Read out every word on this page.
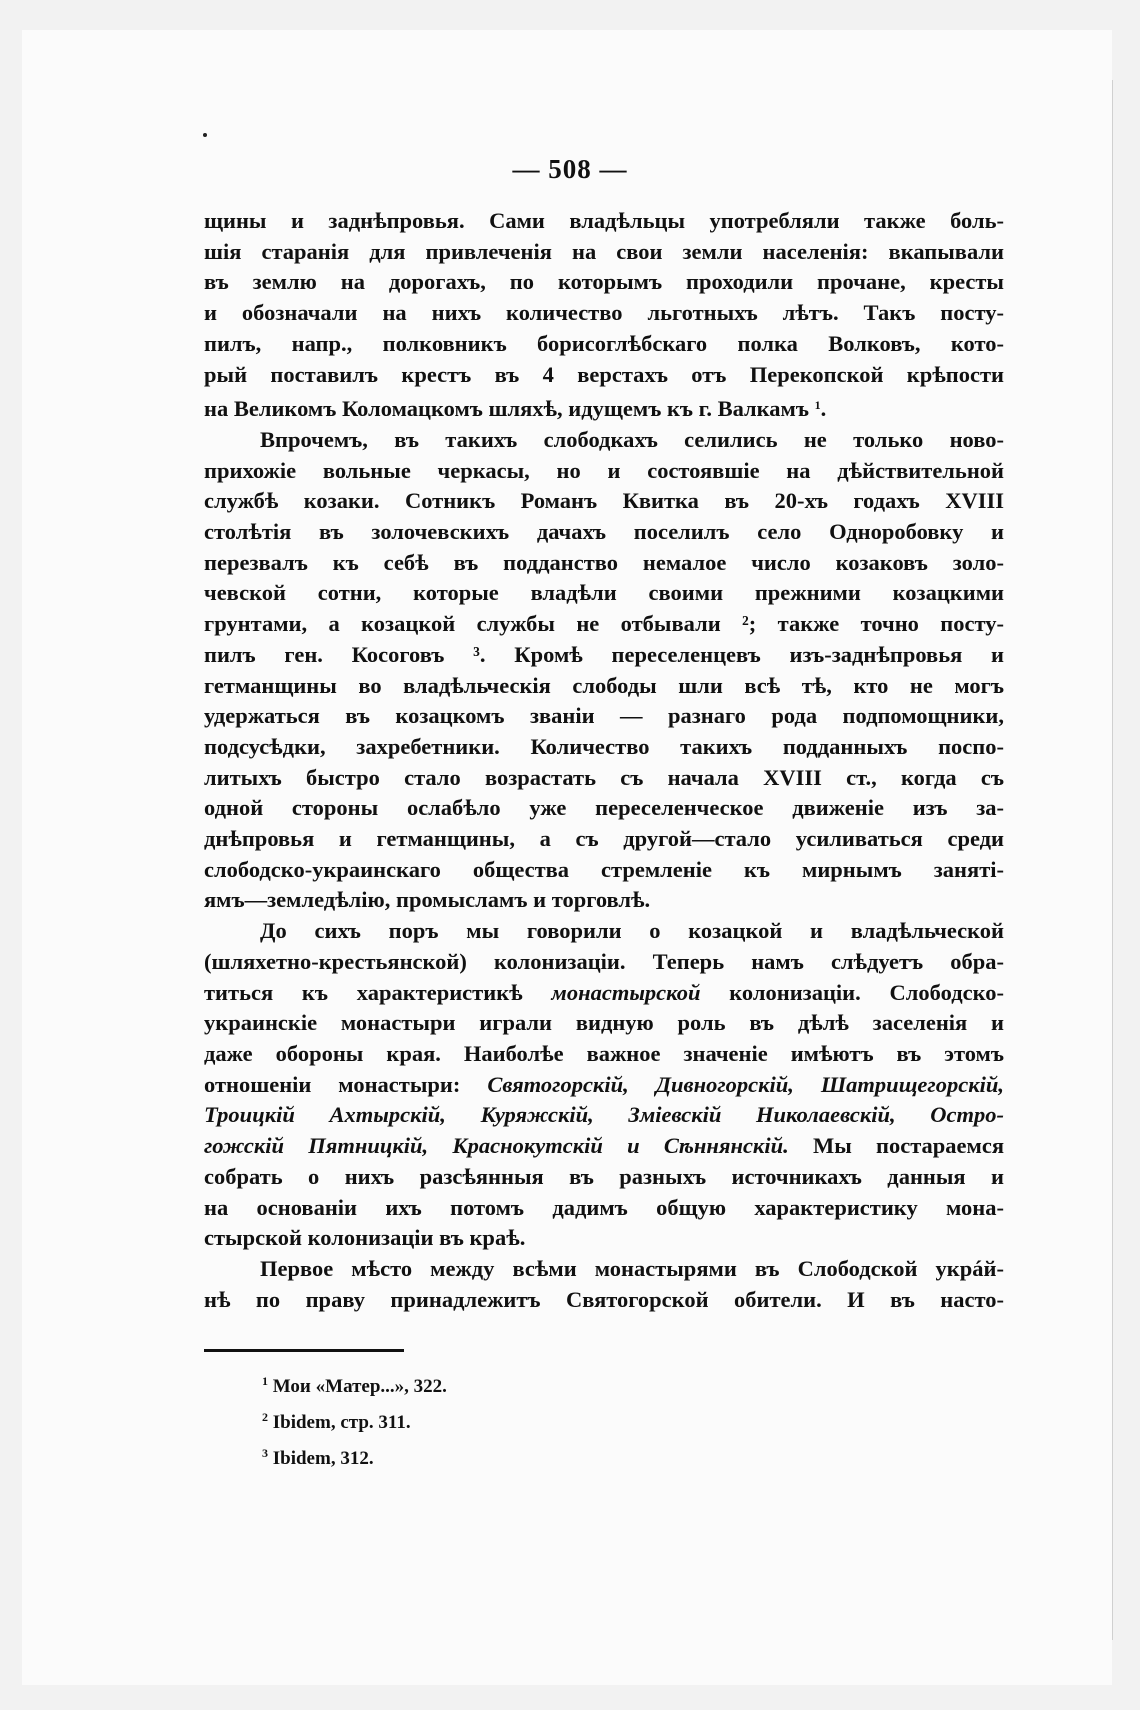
— 508 —
щины и заднѣпровья. Сами владѣльцы употребляли также боль-
шія старанія для привлеченія на свои земли населенія: вкапывали
въ землю на дорогахъ, по которымъ проходили прочане, кресты
и обозначали на нихъ количество льготныхъ лѣтъ. Такъ посту-
пилъ, напр., полковникъ борисоглѣбскаго полка Волковъ, кото-
рый поставилъ крестъ въ 4 верстахъ отъ Перекопской крѣпости
на Великомъ Коломацкомъ шляхѣ, идущемъ къ г. Валкамъ $^1$.
Впрочемъ, въ такихъ слободкахъ селились не только ново-
прихожіе вольные черкасы, но и состоявшіе на дѣйствительной
службѣ козаки. Сотникъ Романъ Квитка въ 20-хъ годахъ XVIII
столѣтія въ золочевскихъ дачахъ поселилъ село Одноробовку и
перезвалъ къ себѣ въ подданство немалое число козаковъ золо-
чевской сотни, которые владѣли своими прежними козацкими
грунтами, а козацкой службы не отбывали ²; также точно посту-
пилъ ген. Косоговъ ³. Кромѣ переселенцевъ изъ-заднѣпровья и
гетманщины во владѣльческія слободы шли всѣ тѣ, кто не могъ
удержаться въ козацкомъ званіи — разнаго рода подпомощники,
подсусѣдки, захребетники. Количество такихъ подданныхъ поспо-
литыхъ быстро стало возрастать съ начала XVIII ст., когда съ
одной стороны ослабѣло уже переселенческое движеніе изъ за-
днѣпровья и гетманщины, а съ другой—стало усиливаться среди
слободско-украинскаго общества стремленіе къ мирнымъ заняті-
ямъ—земледѣлію, промысламъ и торговлѣ.
До сихъ поръ мы говорили о козацкой и владѣльческой
(шляхетно-крестьянской) колонизаціи. Теперь намъ слѣдуетъ обра-
титься къ характеристикѣ монастырской колонизаціи. Слободско-
украинскіе монастыри играли видную роль въ дѣлѣ заселенія и
даже обороны края. Наиболѣе важное значеніе имѣютъ въ этомъ
отношеніи монастыри: Святогорскій, Дивногорскій, Шатрищегорскій,
Троицкій Ахтырскій, Куряжскій, Зміевскій Николаевскій, Остро-
гожскій Пятницкій, Краснокутскій и Сѣннянскій. Мы постараемся
собрать о нихъ разсѣянныя въ разныхъ источникахъ данныя и
на основаніи ихъ потомъ дадимъ общую характеристику мона-
стырской колонизаціи въ краѣ.
Первое мѣсто между всѣми монастырями въ Слободской укрáй-
нѣ по праву принадлежитъ Святогорской обители. И въ насто-
$^1$ Мои «Матер...», 322.
$^2$ Ibidem, стр. 311.
$^3$ Ibidem, 312.
